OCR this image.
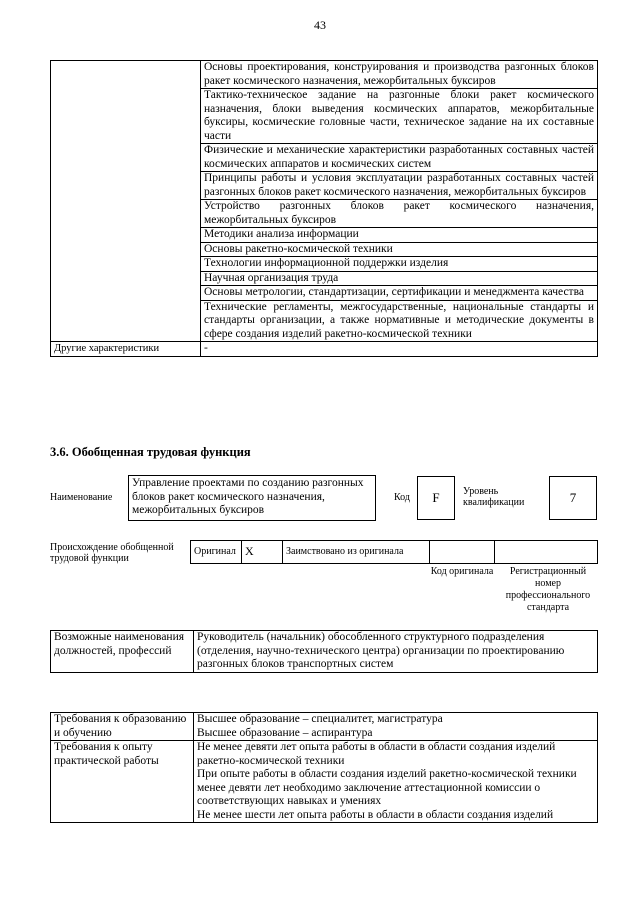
43
	Основы проектирования, конструирования и производства разгонных блоков ракет космического назначения, межорбитальных буксиров
	Тактико-техническое задание на разгонные блоки ракет космического назначения, блоки выведения космических аппаратов, межорбитальные буксиры, космические головные части, техническое задание на их составные части
	Физические и механические характеристики разработанных составных частей космических аппаратов и космических систем
	Принципы работы и условия эксплуатации разработанных составных частей разгонных блоков ракет космического назначения, межорбитальных буксиров
	Устройство разгонных блоков ракет космического назначения, межорбитальных буксиров
	Методики анализа информации
	Основы ракетно-космической техники
	Технологии информационной поддержки изделия
	Научная организация труда
	Основы метрологии, стандартизации, сертификации и менеджмента качества
	Технические регламенты, межгосударственные, национальные стандарты и стандарты организации, а также нормативные и методические документы в сфере создания изделий ракетно-космической техники
Другие характеристики	-
3.6. Обобщенная трудовая функция
Наименование
Управление проектами по созданию разгонных блоков ракет космического назначения, межорбитальных буксиров
Код	F	Уровень квалификации	7
Происхождение обобщенной трудовой функции
Оригинал	X	Заимствовано из оригинала		
Код оригинала	Регистрационный номер профессионального стандарта
Возможные наименования должностей, профессий	Руководитель (начальник) обособленного структурного подразделения (отделения, научно-технического центра) организации по проектированию разгонных блоков транспортных систем
Требования к образованию и обучению	Высшее образование – специалитет, магистратура
Высшее образование – аспирантура

Требования к опыту практической работы	Не менее девяти лет опыта работы в области в области создания изделий ракетно-космической техники
При опыте работы в области создания изделий ракетно-космической техники менее девяти лет необходимо заключение аттестационной комиссии о соответствующих навыках и умениях
Не менее шести лет опыта работы в области в области создания изделий
